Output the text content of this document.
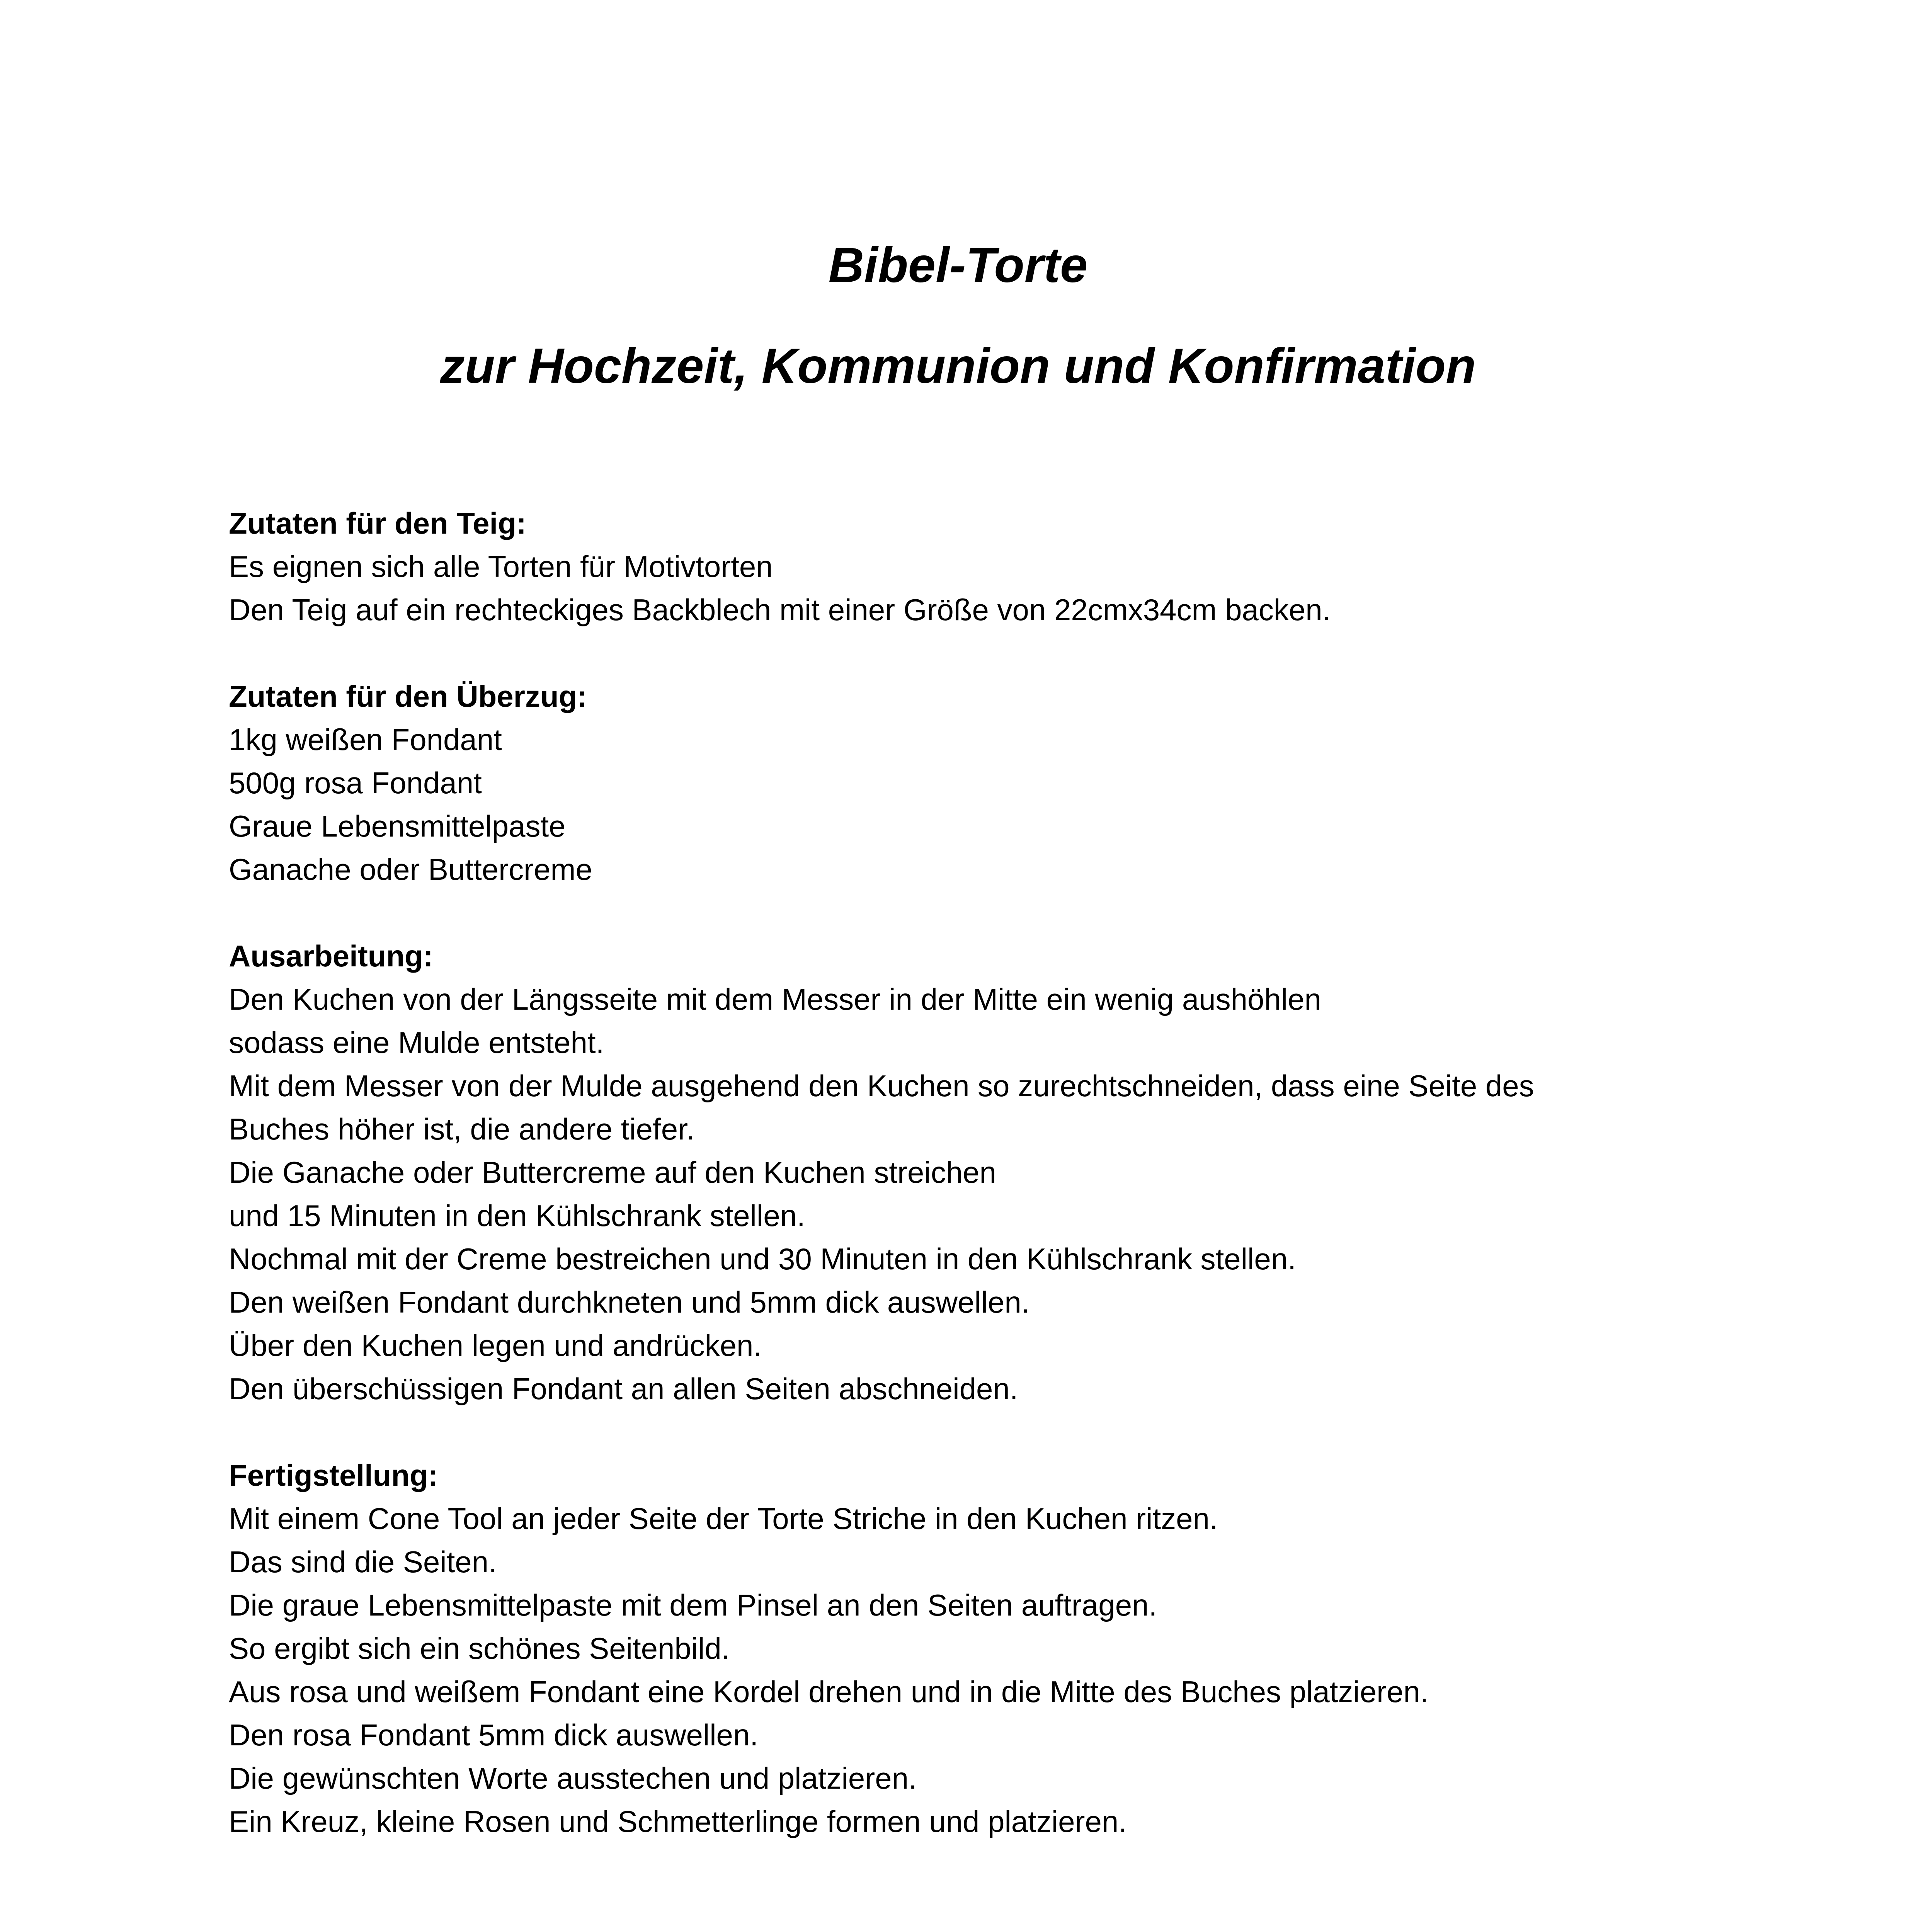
Bibel-Torte
zur Hochzeit, Kommunion und Konfirmation
Zutaten für den Teig:
Es eignen sich alle Torten für Motivtorten
Den Teig auf ein rechteckiges Backblech mit einer Größe von 22cmx34cm backen.
Zutaten für den Überzug:
1kg weißen Fondant
500g rosa Fondant
Graue Lebensmittelpaste
Ganache oder Buttercreme
Ausarbeitung:
Den Kuchen von der Längsseite mit dem Messer in der Mitte ein wenig aushöhlen
sodass eine Mulde entsteht.
Mit dem Messer von der Mulde ausgehend den Kuchen so zurechtschneiden, dass eine Seite des
Buches höher ist, die andere tiefer.
Die Ganache oder Buttercreme auf den Kuchen streichen
und 15 Minuten in den Kühlschrank stellen.
Nochmal mit der Creme bestreichen und 30 Minuten in den Kühlschrank stellen.
Den weißen Fondant durchkneten und 5mm dick auswellen.
Über den Kuchen legen und andrücken.
Den überschüssigen Fondant an allen Seiten abschneiden.
Fertigstellung:
Mit einem Cone Tool an jeder Seite der Torte Striche in den Kuchen ritzen.
Das sind die Seiten.
Die graue Lebensmittelpaste mit dem Pinsel an den Seiten auftragen.
So ergibt sich ein schönes Seitenbild.
Aus rosa und weißem Fondant eine Kordel drehen und in die Mitte des Buches platzieren.
Den rosa Fondant 5mm dick auswellen.
Die gewünschten Worte ausstechen und platzieren.
Ein Kreuz, kleine Rosen und Schmetterlinge formen und platzieren.
